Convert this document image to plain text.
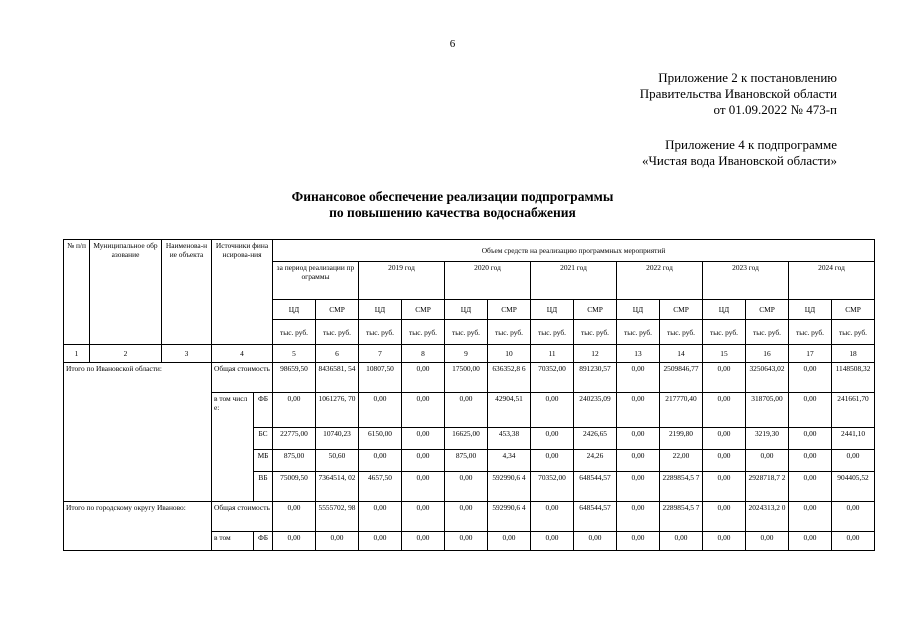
6
Приложение 2 к постановлению
Правительства Ивановской области
от 01.09.2022 № 473-п
Приложение 4 к подпрограмме
«Чистая вода Ивановской области»
Финансовое обеспечение реализации подпрограммы
по повышению качества водоснабжения
№ п/п	Муниципальное образование	Наименова-ние объекта	Источники финансирова-ния		Объем средств на реализацию программных мероприятий													
					за период реализации программы		2019 год		2020 год		2021 год		2022 год		2023 год		2024 год	
					ЦД	СМР	ЦД	СМР	ЦД	СМР	ЦД	СМР	ЦД	СМР	ЦД	СМР	ЦД	СМР
					тыс. руб.	тыс. руб.	тыс. руб.	тыс. руб.	тыс. руб.	тыс. руб.	тыс. руб.	тыс. руб.	тыс. руб.	тыс. руб.	тыс. руб.	тыс. руб.	тыс. руб.	тыс. руб.
1	2	3	4		5	6	7	8	9	10	11	12	13	14	15	16	17	18
Итого по Ивановской области:			Общая стоимость		98659,50	8436581, 54	10807,50	0,00	17500,00	636352,8 6	70352,00	891230,57	0,00	2509846,77	0,00	3250643,02	0,00	1148508,32
			в том числе:	ФБ	0,00	1061276, 70	0,00	0,00	0,00	42904,51	0,00	240235,09	0,00	217770,40	0,00	318705,00	0,00	241661,70
				БС	22775,00	10740,23	6150,00	0,00	16625,00	453,38	0,00	2426,65	0,00	2199,80	0,00	3219,30	0,00	2441,10
				МБ	875,00	50,60	0,00	0,00	875,00	4,34	0,00	24,26	0,00	22,00	0,00	0,00	0,00	0,00
				ВБ	75009,50	7364514, 02	4657,50	0,00	0,00	592990,6 4	70352,00	648544,57	0,00	2289854,5 7	0,00	2928718,7 2	0,00	904405,52
Итого по городскому округу Иваново:			Общая стоимость		0,00	5555702, 98	0,00	0,00	0,00	592990,6 4	0,00	648544,57	0,00	2289854,5 7	0,00	2024313,2 0	0,00	0,00
			в том	ФБ	0,00	0,00	0,00	0,00	0,00	0,00	0,00	0,00	0,00	0,00	0,00	0,00	0,00	0,00
